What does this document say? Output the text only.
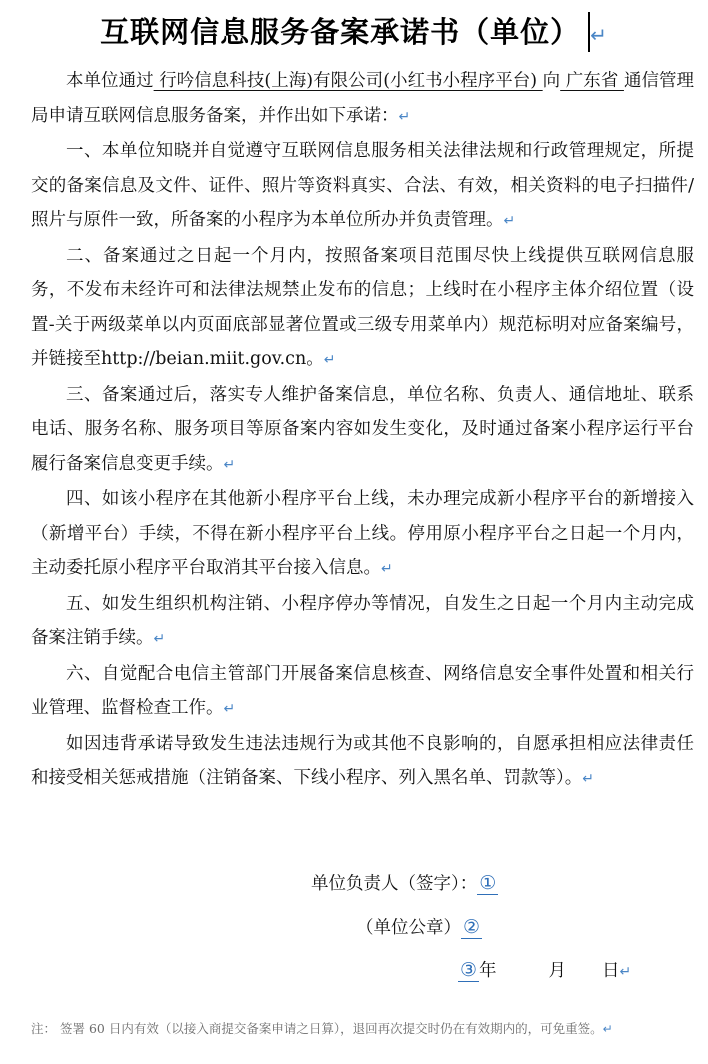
互联网信息服务备案承诺书（单位） ↵

本单位通过 行吟信息科技(上海)有限公司(小红书小程序平台) 向 广东省 通信管理局申请互联网信息服务备案，并作出如下承诺：↵

一、本单位知晓并自觉遵守互联网信息服务相关法律法规和行政管理规定，所提交的备案信息及文件、证件、照片等资料真实、合法、有效，相关资料的电子扫描件/照片与原件一致，所备案的小程序为本单位所办并负责管理。↵

二、备案通过之日起一个月内，按照备案项目范围尽快上线提供互联网信息服务，不发布未经许可和法律法规禁止发布的信息；上线时在小程序主体介绍位置（设置-关于两级菜单以内页面底部显著位置或三级专用菜单内）规范标明对应备案编号，并链接至http://beian.miit.gov.cn。↵

三、备案通过后，落实专人维护备案信息，单位名称、负责人、通信地址、联系电话、服务名称、服务项目等原备案内容如发生变化，及时通过备案小程序运行平台履行备案信息变更手续。↵

四、如该小程序在其他新小程序平台上线，未办理完成新小程序平台的新增接入（新增平台）手续，不得在新小程序平台上线。停用原小程序平台之日起一个月内，主动委托原小程序平台取消其平台接入信息。↵

五、如发生组织机构注销、小程序停办等情况，自发生之日起一个月内主动完成备案注销手续。↵

六、自觉配合电信主管部门开展备案信息核查、网络信息安全事件处置和相关行业管理、监督检查工作。↵

如因违背承诺导致发生违法违规行为或其他不良影响的，自愿承担相应法律责任和接受相关惩戒措施（注销备案、下线小程序、列入黑名单、罚款等）。↵

单位负责人（签字）： ①
（单位公章） ②
③ 年	月 日↵
注： 签署 60 日内有效（以接入商提交备案申请之日算），退回再次提交时仍在有效期内的，可免重签。↵
